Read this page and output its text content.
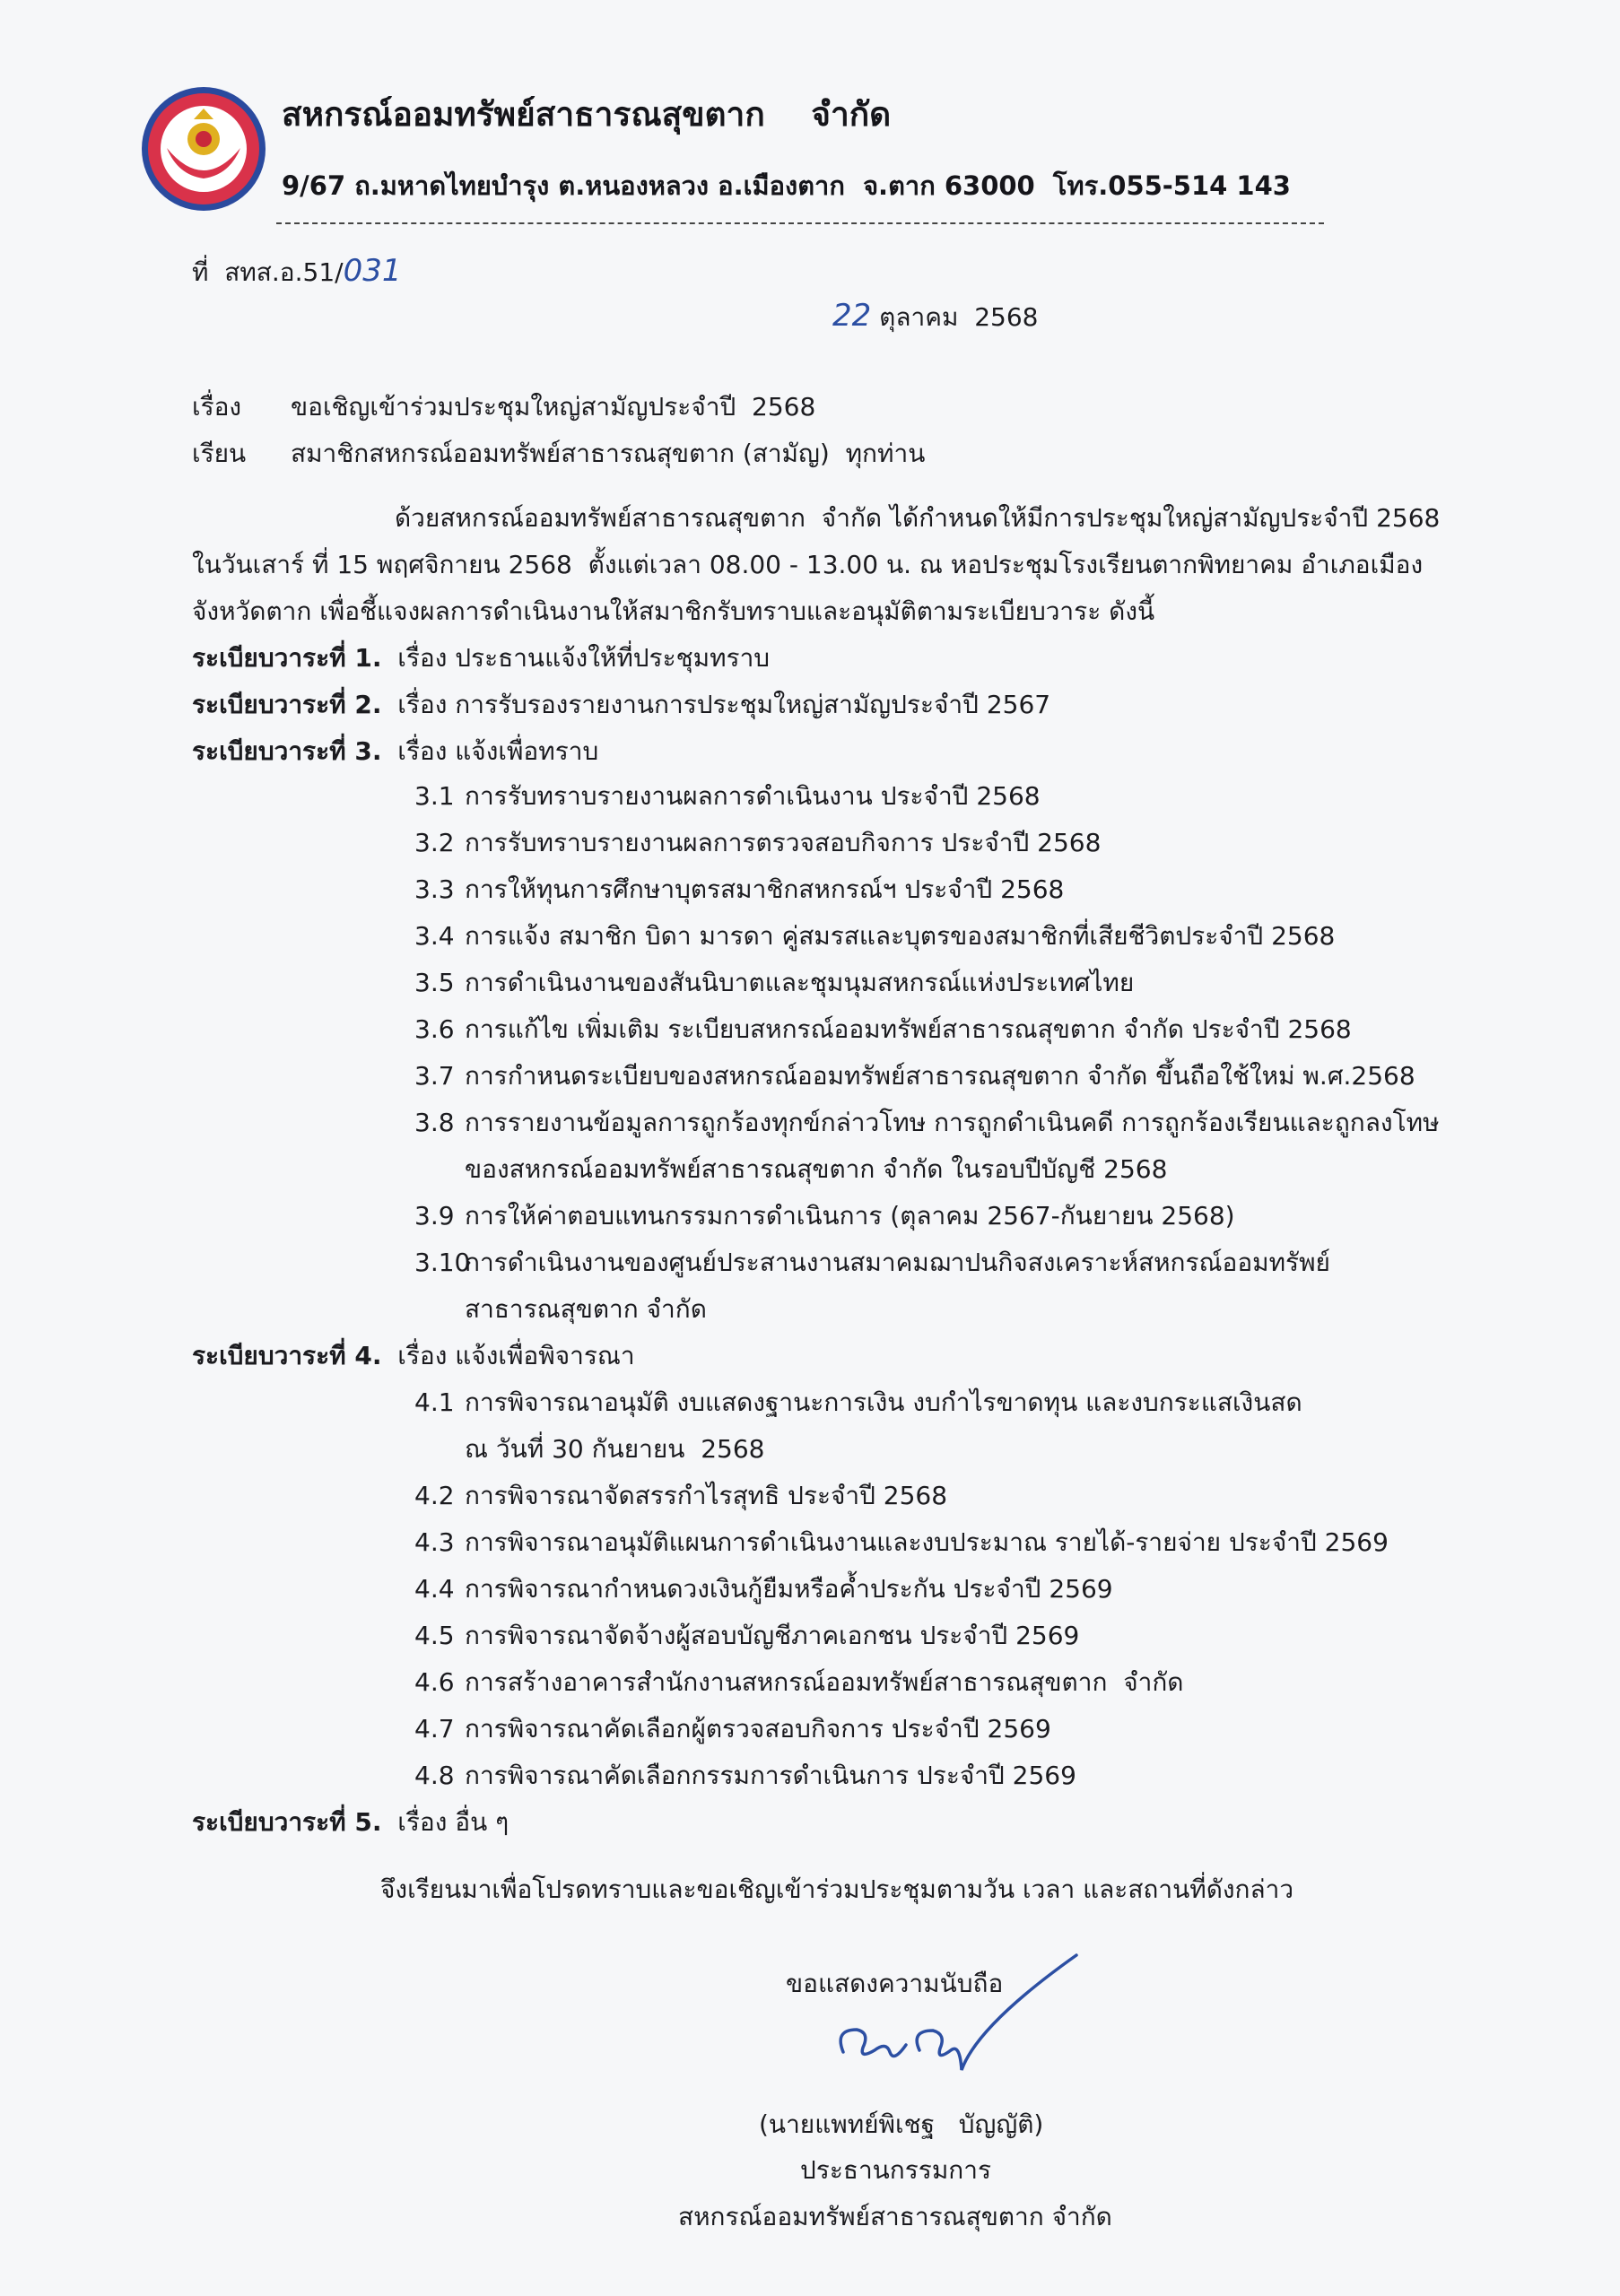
สหกรณ์ออมทรัพย์สาธารณสุขตาก    จำกัด
9/67 ถ.มหาดไทยบำรุง ต.หนองหลวง อ.เมืองตาก  จ.ตาก 63000  โทร.055-514 143
ที่  สทส.อ.51/031
22 ตุลาคม  2568
เรื่อง ขอเชิญเข้าร่วมประชุมใหญ่สามัญประจำปี  2568
เรียน สมาชิกสหกรณ์ออมทรัพย์สาธารณสุขตาก (สามัญ)  ทุกท่าน
ด้วยสหกรณ์ออมทรัพย์สาธารณสุขตาก  จำกัด ได้กำหนดให้มีการประชุมใหญ่สามัญประจำปี 2568
ในวันเสาร์ ที่ 15 พฤศจิกายน 2568  ตั้งแต่เวลา 08.00 - 13.00 น. ณ หอประชุมโรงเรียนตากพิทยาคม อำเภอเมือง
จังหวัดตาก เพื่อชี้แจงผลการดำเนินงานให้สมาชิกรับทราบและอนุมัติตามระเบียบวาระ ดังนี้
ระเบียบวาระที่ 1. เรื่อง ประธานแจ้งให้ที่ประชุมทราบ
ระเบียบวาระที่ 2. เรื่อง การรับรองรายงานการประชุมใหญ่สามัญประจำปี 2567
ระเบียบวาระที่ 3. เรื่อง แจ้งเพื่อทราบ
3.1 การรับทราบรายงานผลการดำเนินงาน ประจำปี 2568
3.2 การรับทราบรายงานผลการตรวจสอบกิจการ ประจำปี 2568
3.3 การให้ทุนการศึกษาบุตรสมาชิกสหกรณ์ฯ ประจำปี 2568
3.4 การแจ้ง สมาชิก บิดา มารดา คู่สมรสและบุตรของสมาชิกที่เสียชีวิตประจำปี 2568
3.5 การดำเนินงานของสันนิบาตและชุมนุมสหกรณ์แห่งประเทศไทย
3.6 การแก้ไข เพิ่มเติม ระเบียบสหกรณ์ออมทรัพย์สาธารณสุขตาก จำกัด ประจำปี 2568
3.7 การกำหนดระเบียบของสหกรณ์ออมทรัพย์สาธารณสุขตาก จำกัด ขึ้นถือใช้ใหม่ พ.ศ.2568
3.8 การรายงานข้อมูลการถูกร้องทุกข์กล่าวโทษ การถูกดำเนินคดี การถูกร้องเรียนและถูกลงโทษ
ของสหกรณ์ออมทรัพย์สาธารณสุขตาก จำกัด ในรอบปีบัญชี 2568
3.9 การให้ค่าตอบแทนกรรมการดำเนินการ (ตุลาคม 2567-กันยายน 2568)
3.10การดำเนินงานของศูนย์ประสานงานสมาคมฌาปนกิจสงเคราะห์สหกรณ์ออมทรัพย์
สาธารณสุขตาก จำกัด
ระเบียบวาระที่ 4. เรื่อง แจ้งเพื่อพิจารณา
4.1 การพิจารณาอนุมัติ งบแสดงฐานะการเงิน งบกำไรขาดทุน และงบกระแสเงินสด
ณ วันที่ 30 กันยายน  2568
4.2 การพิจารณาจัดสรรกำไรสุทธิ ประจำปี 2568
4.3 การพิจารณาอนุมัติแผนการดำเนินงานและงบประมาณ รายได้-รายจ่าย ประจำปี 2569
4.4 การพิจารณากำหนดวงเงินกู้ยืมหรือค้ำประกัน ประจำปี 2569
4.5 การพิจารณาจัดจ้างผู้สอบบัญชีภาคเอกชน ประจำปี 2569
4.6 การสร้างอาคารสำนักงานสหกรณ์ออมทรัพย์สาธารณสุขตาก  จำกัด
4.7 การพิจารณาคัดเลือกผู้ตรวจสอบกิจการ ประจำปี 2569
4.8 การพิจารณาคัดเลือกกรรมการดำเนินการ ประจำปี 2569
ระเบียบวาระที่ 5. เรื่อง อื่น ๆ
จึงเรียนมาเพื่อโปรดทราบและขอเชิญเข้าร่วมประชุมตามวัน เวลา และสถานที่ดังกล่าว
ขอแสดงความนับถือ
(นายแพทย์พิเชฐ   บัญญัติ)
ประธานกรรมการ
สหกรณ์ออมทรัพย์สาธารณสุขตาก จำกัด
